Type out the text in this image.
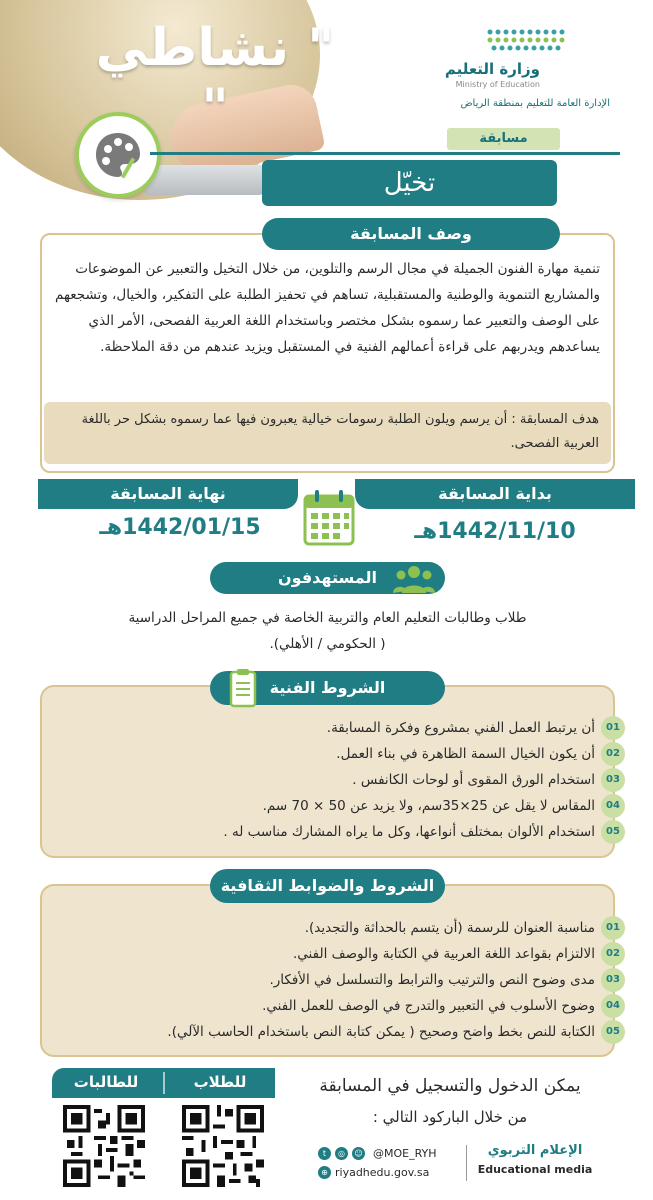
" نشاطي "
وزارة التعليم
Ministry of Education
الإدارة العامة للتعليم بمنطقة الرياض
مسابقة
تخيّل
وصف المسابقة
تنمية مهارة الفنون الجميلة في مجال الرسم والتلوين، من خلال التخيل والتعبير عن الموضوعات والمشاريع التنموية والوطنية والمستقبلية، تساهم في تحفيز الطلبة على التفكير، والخيال، وتشجعهم على الوصف والتعبير عما رسموه بشكل مختصر وباستخدام اللغة العربية الفصحى، الأمر الذي يساعدهم ويدربهم على قراءة أعمالهم الفنية في المستقبل ويزيد عندهم من دقة الملاحظة.
هدف المسابقة : أن يرسم ويلون الطلبة رسومات خيالية يعبرون فيها عما رسموه بشكل حر باللغة العربية الفصحى.
بداية المسابقة
نهاية المسابقة
1442/11/10هـ
1442/01/15هـ
المستهدفون
طلاب وطالبات التعليم العام والتربية الخاصة في جميع المراحل الدراسية
( الحكومي / الأهلي).
الشروط الفنية
01
أن يرتبط العمل الفني بمشروع وفكرة المسابقة.
02
أن يكون الخيال السمة الظاهرة في بناء العمل.
03
استخدام الورق المقوى أو لوحات الكانفس .
04
المقاس لا يقل عن 25×35سم، ولا يزيد عن 50 × 70 سم.
05
استخدام الألوان بمختلف أنواعها، وكل ما يراه المشارك مناسب له .
الشروط والضوابط الثقافية
01
مناسبة العنوان للرسمة (أن يتسم بالحداثة والتجديد).
02
الالتزام بقواعد اللغة العربية في الكتابة والوصف الفني.
03
مدى وضوح النص والترتيب والترابط والتسلسل في الأفكار.
04
وضوح الأسلوب في التعبير والتدرج في الوصف للعمل الفني.
05
الكتابة للنص بخط واضح وصحيح ( يمكن كتابة النص باستخدام الحاسب الآلي).
للطلاب
للطالبات	يمكن الدخول والتسجيل في المسابقة
من خلال الباركود التالي :
t	◎	☺ @MOE_RYH
⊕ riyadhedu.gov.sa
الإعلام التربوي
Educational media
